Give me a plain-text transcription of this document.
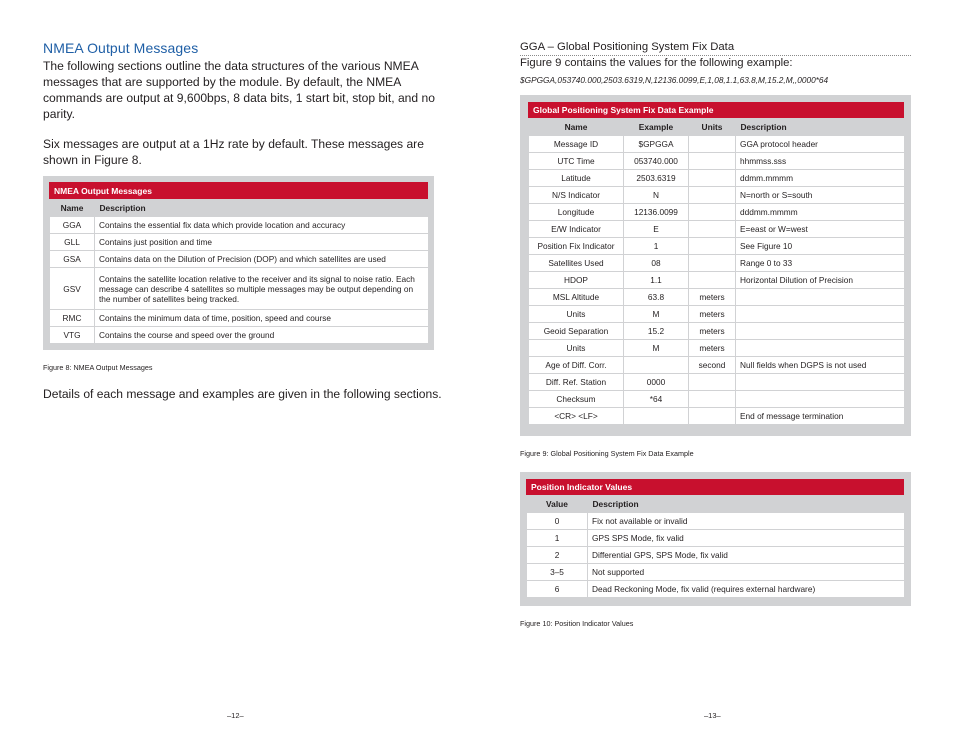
NMEA Output Messages

The following sections outline the data structures of the various NMEA messages that are supported by the module. By default, the NMEA commands are output at 9,600bps, 8 data bits, 1 start bit, stop bit, and no parity.

Six messages are output at a 1Hz rate by default. These messages are shown in Figure 8.

NMEA Output Messages
Name	Description
GGA	Contains the essential fix data which provide location and accuracy
GLL	Contains just position and time
GSA	Contains data on the Dilution of Precision (DOP) and which satellites are used
GSV	Contains the satellite location relative to the receiver and its signal to noise ratio. Each message can describe 4 satellites so multiple messages may be output depending on the number of satellites being tracked.
RMC	Contains the minimum data of time, position, speed and course
VTG	Contains the course and speed over the ground
Figure 8: NMEA Output Messages

Details of each message and examples are given in the following sections.

–12–
GGA – Global Positioning System Fix Data
Figure 9 contains the values for the following example:
$GPGGA,053740.000,2503.6319,N,12136.0099,E,1,08,1.1,63.8,M,15.2,M,,0000*64
Global Positioning System Fix Data Example
Name	Example	Units	Description
Message ID	$GPGGA		GGA protocol header
UTC Time	053740.000		hhmmss.sss
Latitude	2503.6319		ddmm.mmmm
N/S Indicator	N		N=north or S=south
Longitude	12136.0099		dddmm.mmmm
E/W Indicator	E		E=east or W=west
Position Fix Indicator	1		See Figure 10
Satellites Used	08		Range 0 to 33
HDOP	1.1		Horizontal Dilution of Precision
MSL Altitude	63.8	meters	
Units	M	meters	
Geoid Separation	15.2	meters	
Units	M	meters	
Age of Diff. Corr.		second	Null fields when DGPS is not used
Diff. Ref. Station	0000		
Checksum	*64		
<CR> <LF>			End of message termination
Figure 9: Global Positioning System Fix Data Example
Position Indicator Values
Value	Description
0	Fix not available or invalid
1	GPS SPS Mode, fix valid
2	Differential GPS, SPS Mode, fix valid
3–5	Not supported
6	Dead Reckoning Mode, fix valid (requires external hardware)
Figure 10: Position Indicator Values
–13–
